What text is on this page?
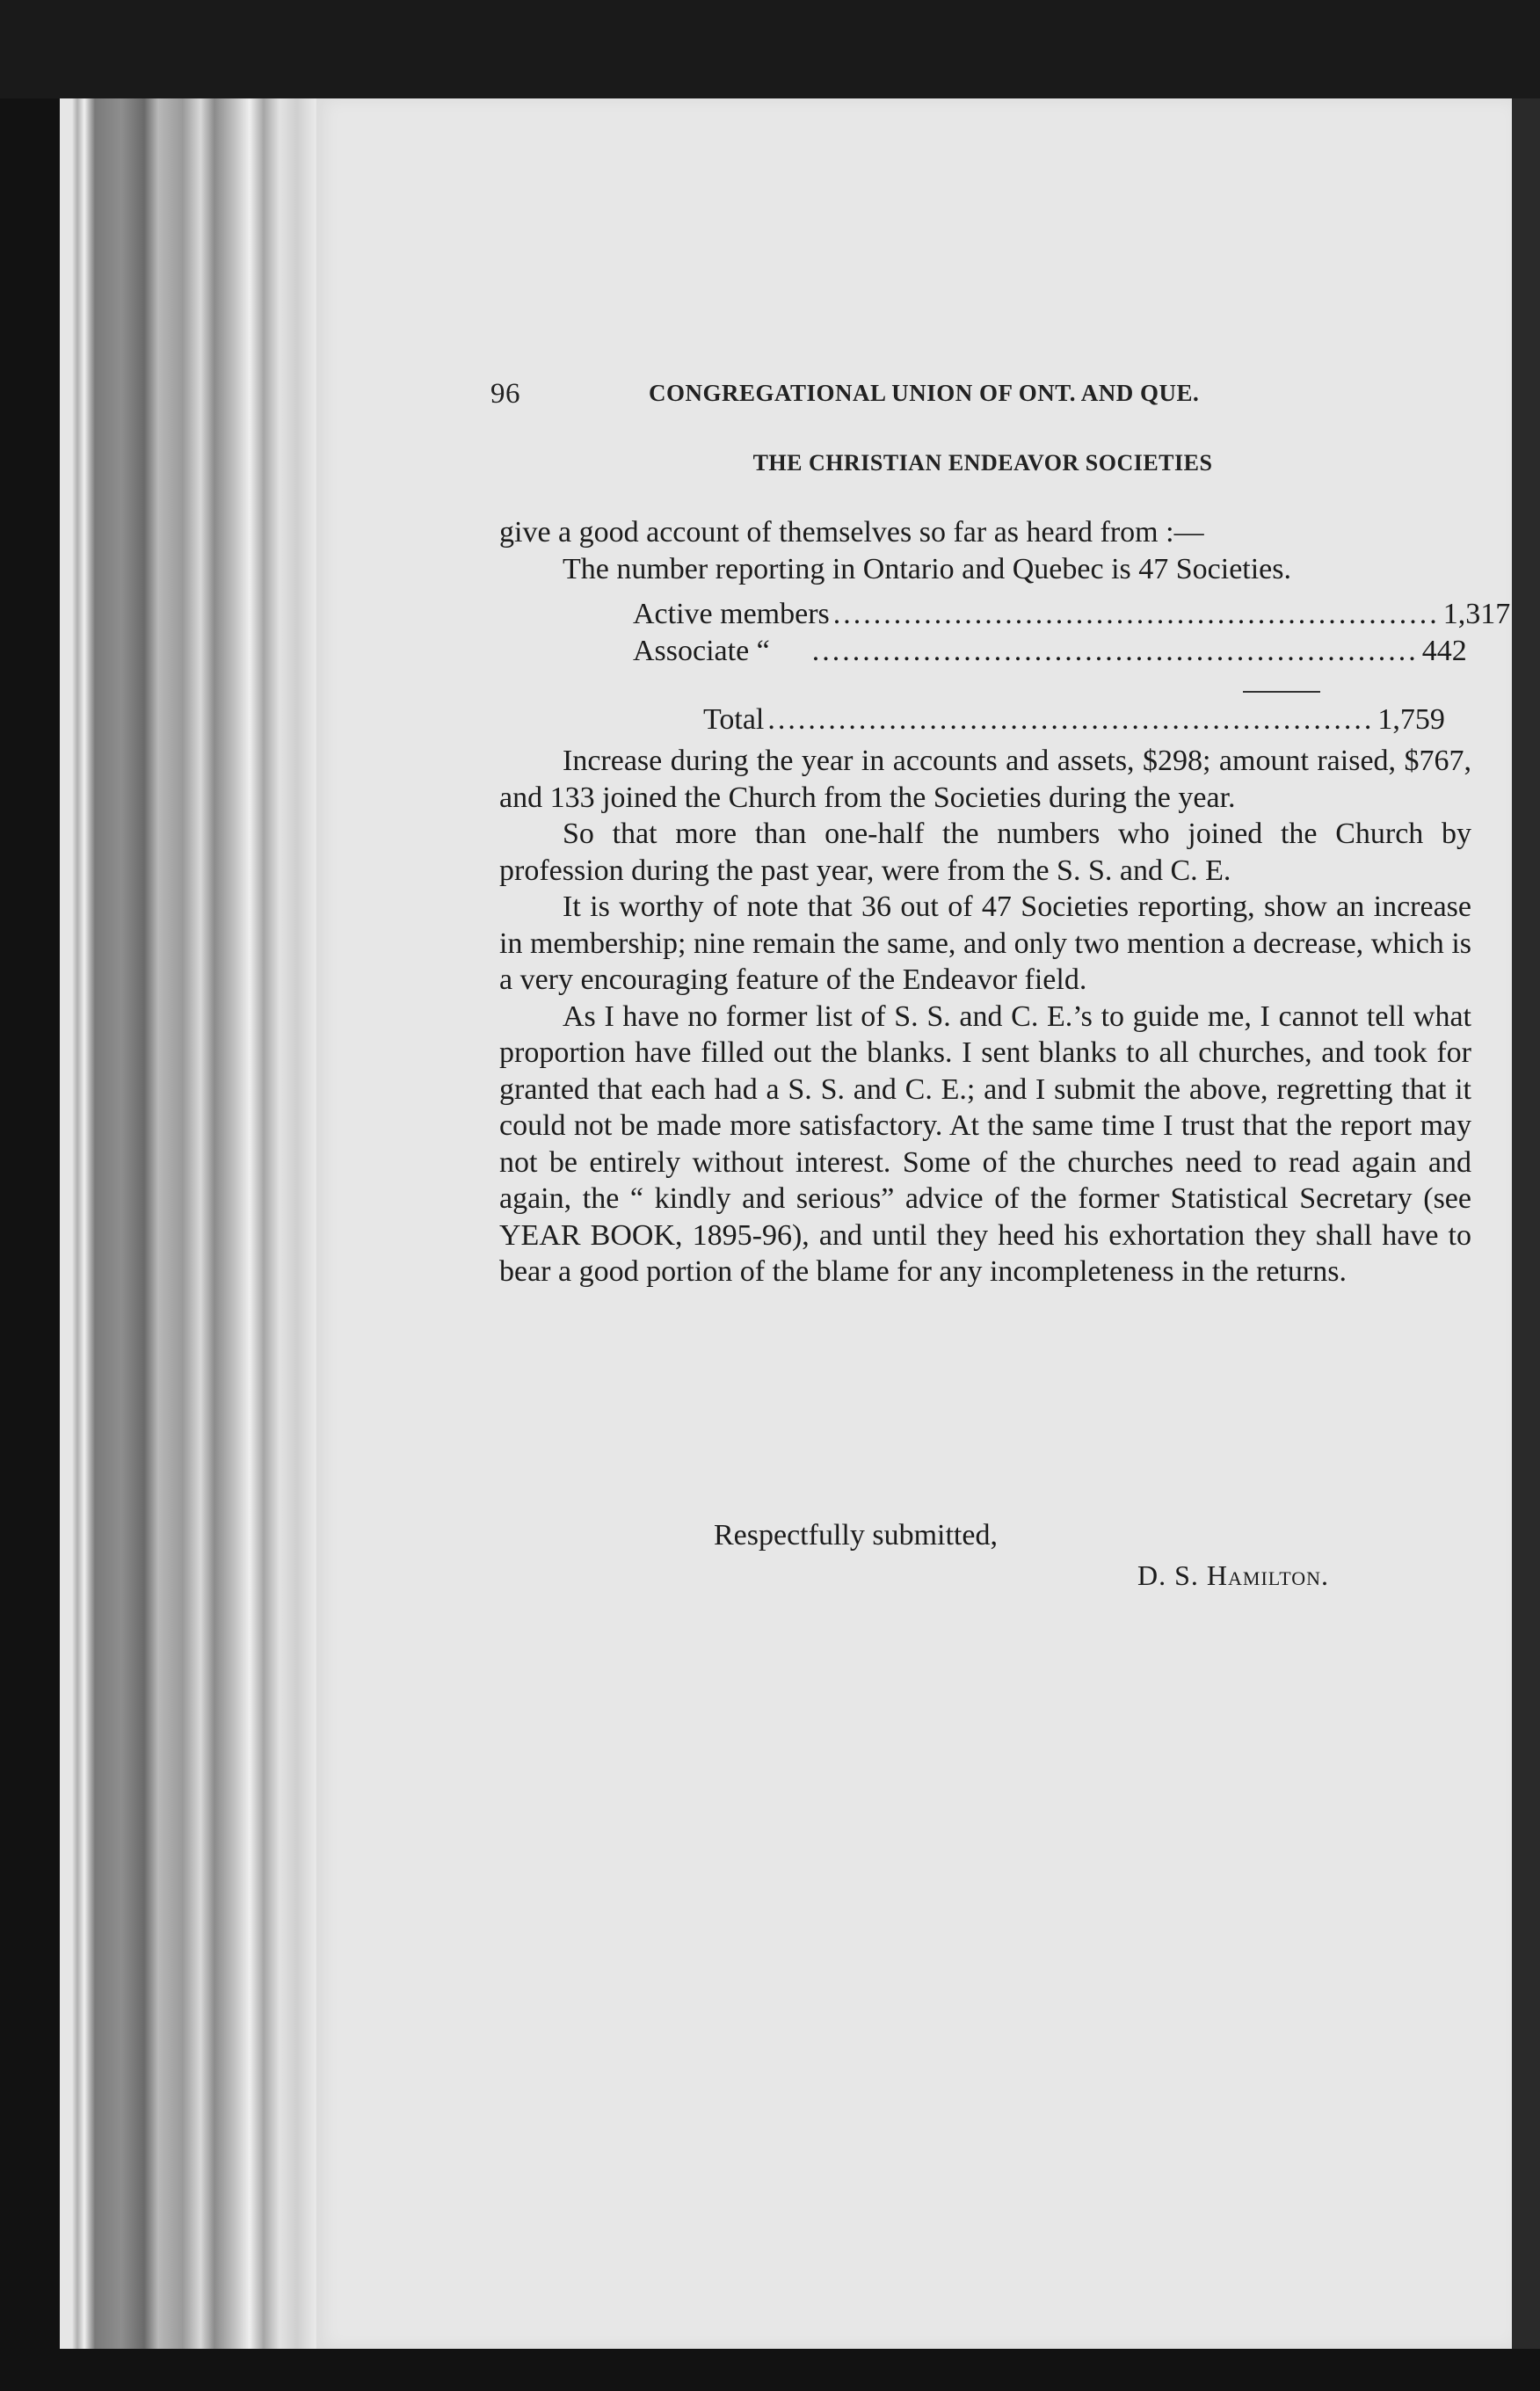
96	CONGREGATIONAL UNION OF ONT. AND QUE.
THE CHRISTIAN ENDEAVOR SOCIETIES

give a good account of themselves so far as heard from :—

The number reporting in Ontario and Quebec is 47 Societies.

Active members ............................................................ 1,317
Associate “ ............................................................ 442
Total ............................................................ 1,759

Increase during the year in accounts and assets, $298; amount raised, $767, and 133 joined the Church from the Societies during the year.

So that more than one-half the numbers who joined the Church by profession during the past year, were from the S. S. and C. E.

It is worthy of note that 36 out of 47 Societies reporting, show an increase in membership; nine remain the same, and only two mention a decrease, which is a very encouraging feature of the Endeavor field.

As I have no former list of S. S. and C. E.’s to guide me, I cannot tell what proportion have filled out the blanks. I sent blanks to all churches, and took for granted that each had a S. S. and C. E.; and I submit the above, regretting that it could not be made more satisfactory. At the same time I trust that the report may not be entirely without interest. Some of the churches need to read again and again, the “ kindly and serious” advice of the former Statistical Secretary (see YEAR BOOK, 1895-96), and until they heed his exhortation they shall have to bear a good portion of the blame for any incompleteness in the returns.

Respectfully submitted,
D. S. Hamilton.
